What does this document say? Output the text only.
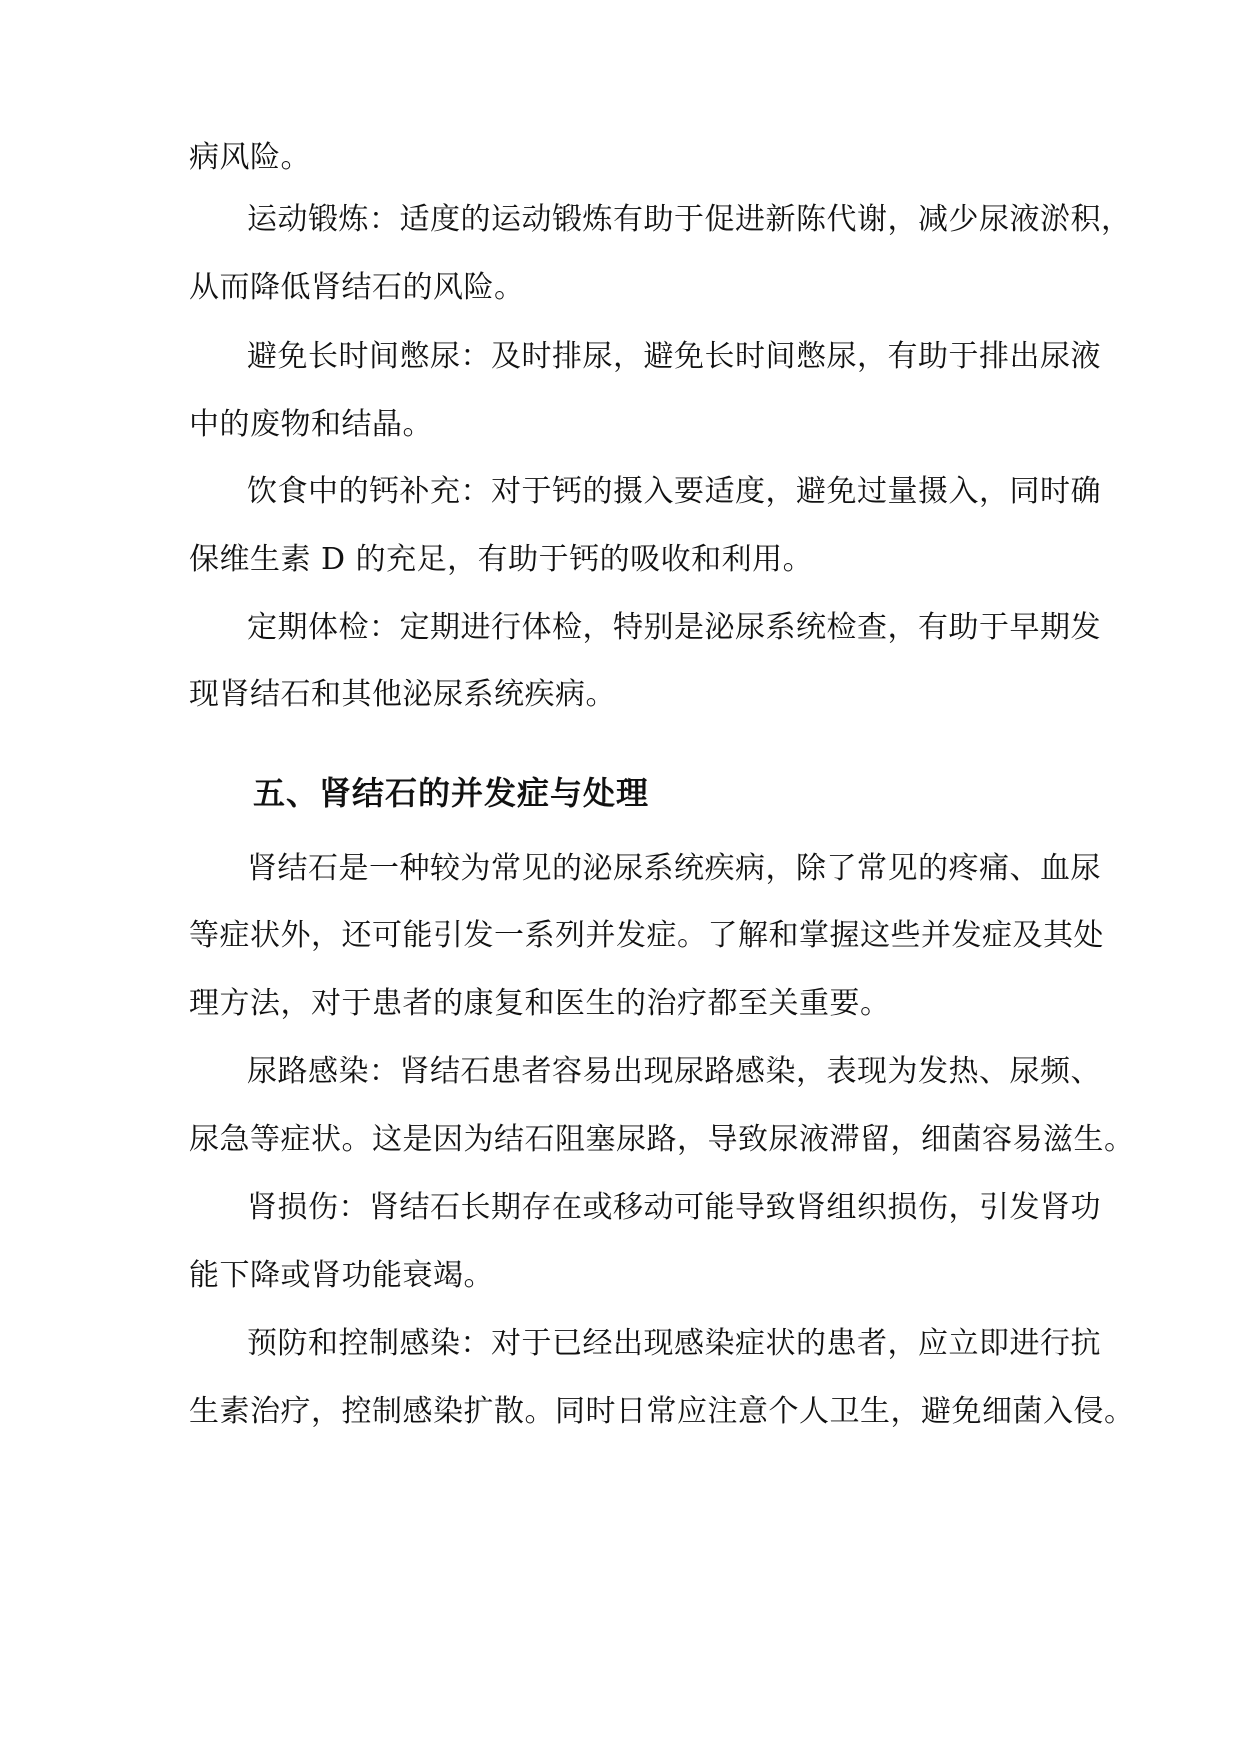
病风险。
运动锻炼：适度的运动锻炼有助于促进新陈代谢，减少尿液淤积，
从而降低肾结石的风险。
避免长时间憋尿：及时排尿，避免长时间憋尿，有助于排出尿液
中的废物和结晶。
饮食中的钙补充：对于钙的摄入要适度，避免过量摄入，同时确
保维生素 D 的充足，有助于钙的吸收和利用。
定期体检：定期进行体检，特别是泌尿系统检查，有助于早期发
现肾结石和其他泌尿系统疾病。
五、肾结石的并发症与处理
肾结石是一种较为常见的泌尿系统疾病，除了常见的疼痛、血尿
等症状外，还可能引发一系列并发症。了解和掌握这些并发症及其处
理方法，对于患者的康复和医生的治疗都至关重要。
尿路感染：肾结石患者容易出现尿路感染，表现为发热、尿频、
尿急等症状。这是因为结石阻塞尿路，导致尿液滞留，细菌容易滋生。
肾损伤：肾结石长期存在或移动可能导致肾组织损伤，引发肾功
能下降或肾功能衰竭。
预防和控制感染：对于已经出现感染症状的患者，应立即进行抗
生素治疗，控制感染扩散。同时日常应注意个人卫生，避免细菌入侵。
